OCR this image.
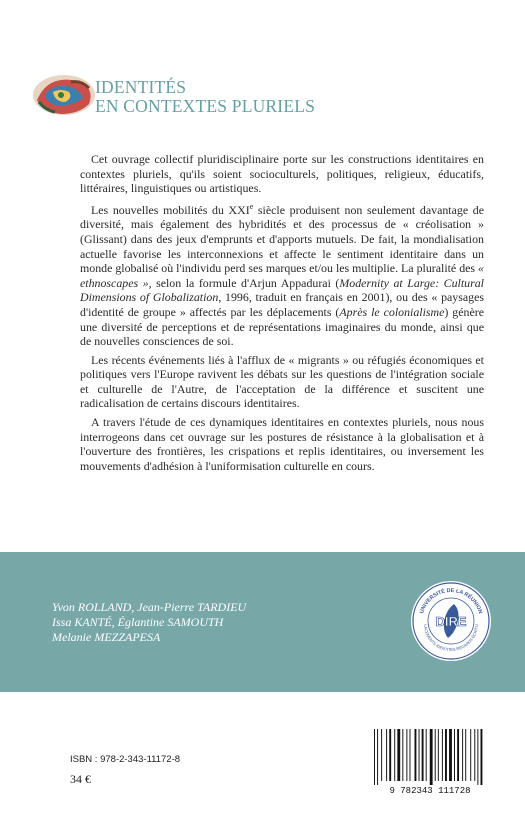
IDENTITÉS
EN CONTEXTES PLURIELS

Cet ouvrage collectif pluridisciplinaire porte sur les constructions identitaires en contextes pluriels, qu'ils soient socioculturels, politiques, religieux, éducatifs, littéraires, linguistiques ou artistiques.

Les nouvelles mobilités du XXIe siècle produisent non seulement davantage de diversité, mais également des hybridités et des processus de « créolisation » (Glissant) dans des jeux d'emprunts et d'apports mutuels. De fait, la mondialisation actuelle favorise les interconnexions et affecte le sentiment identitaire dans un monde globalisé où l'individu perd ses marques et/ou les multiplie. La pluralité des « ethnoscapes », selon la formule d'Arjun Appadurai (Modernity at Large: Cultural Dimensions of Globalization, 1996, traduit en français en 2001), ou des « paysages d'identité de groupe » affectés par les déplacements (Après le colonialisme) génère une diversité de perceptions et de représentations imaginaires du monde, ainsi que de nouvelles consciences de soi.

Les récents événements liés à l'afflux de « migrants » ou réfugiés économiques et politiques vers l'Europe ravivent les débats sur les questions de l'intégration sociale et culturelle de l'Autre, de l'acceptation de la différence et suscitent une radicalisation de certains discours identitaires.

A travers l'étude de ces dynamiques identitaires en contextes pluriels, nous nous interrogeons dans cet ouvrage sur les postures de résistance à la globalisation et à l'ouverture des frontières, les crispations et replis identitaires, ou inversement les mouvements d'adhésion à l'uniformisation culturelle en cours.

Yvon ROLLAND, Jean-Pierre TARDIEU
Issa KANTÉ, Églantine SAMOUTH
Melanie MEZZAPESA
UNIVERSITÉ DE LA RÉUNION
LACEMENTS IDENTITÉS REGARDS ÉCRITU
DIRE
ISBN : 978-2-343-11172-8
34 €
9 782343 111728
